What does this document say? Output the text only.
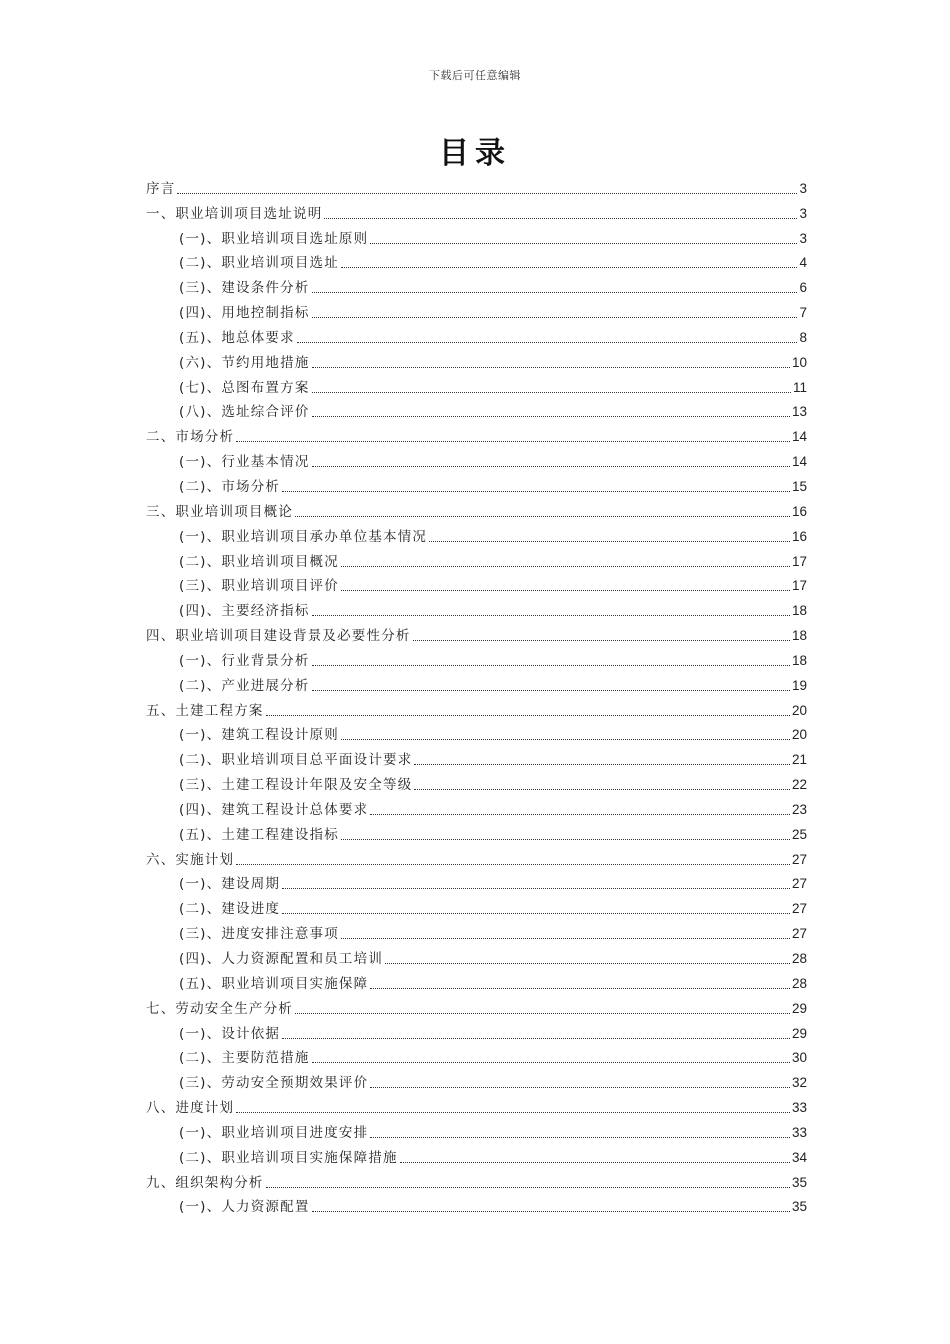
下载后可任意编辑
目录
序言	3
一、职业培训项目选址说明	3
(一)、职业培训项目选址原则	3
(二)、职业培训项目选址	4
(三)、建设条件分析	6
(四)、用地控制指标	7
(五)、地总体要求	8
(六)、节约用地措施	10
(七)、总图布置方案	11
(八)、选址综合评价	13
二、市场分析	14
(一)、行业基本情况	14
(二)、市场分析	15
三、职业培训项目概论	16
(一)、职业培训项目承办单位基本情况	16
(二)、职业培训项目概况	17
(三)、职业培训项目评价	17
(四)、主要经济指标	18
四、职业培训项目建设背景及必要性分析	18
(一)、行业背景分析	18
(二)、产业进展分析	19
五、土建工程方案	20
(一)、建筑工程设计原则	20
(二)、职业培训项目总平面设计要求	21
(三)、土建工程设计年限及安全等级	22
(四)、建筑工程设计总体要求	23
(五)、土建工程建设指标	25
六、实施计划	27
(一)、建设周期	27
(二)、建设进度	27
(三)、进度安排注意事项	27
(四)、人力资源配置和员工培训	28
(五)、职业培训项目实施保障	28
七、劳动安全生产分析	29
(一)、设计依据	29
(二)、主要防范措施	30
(三)、劳动安全预期效果评价	32
八、进度计划	33
(一)、职业培训项目进度安排	33
(二)、职业培训项目实施保障措施	34
九、组织架构分析	35
(一)、人力资源配置	35
